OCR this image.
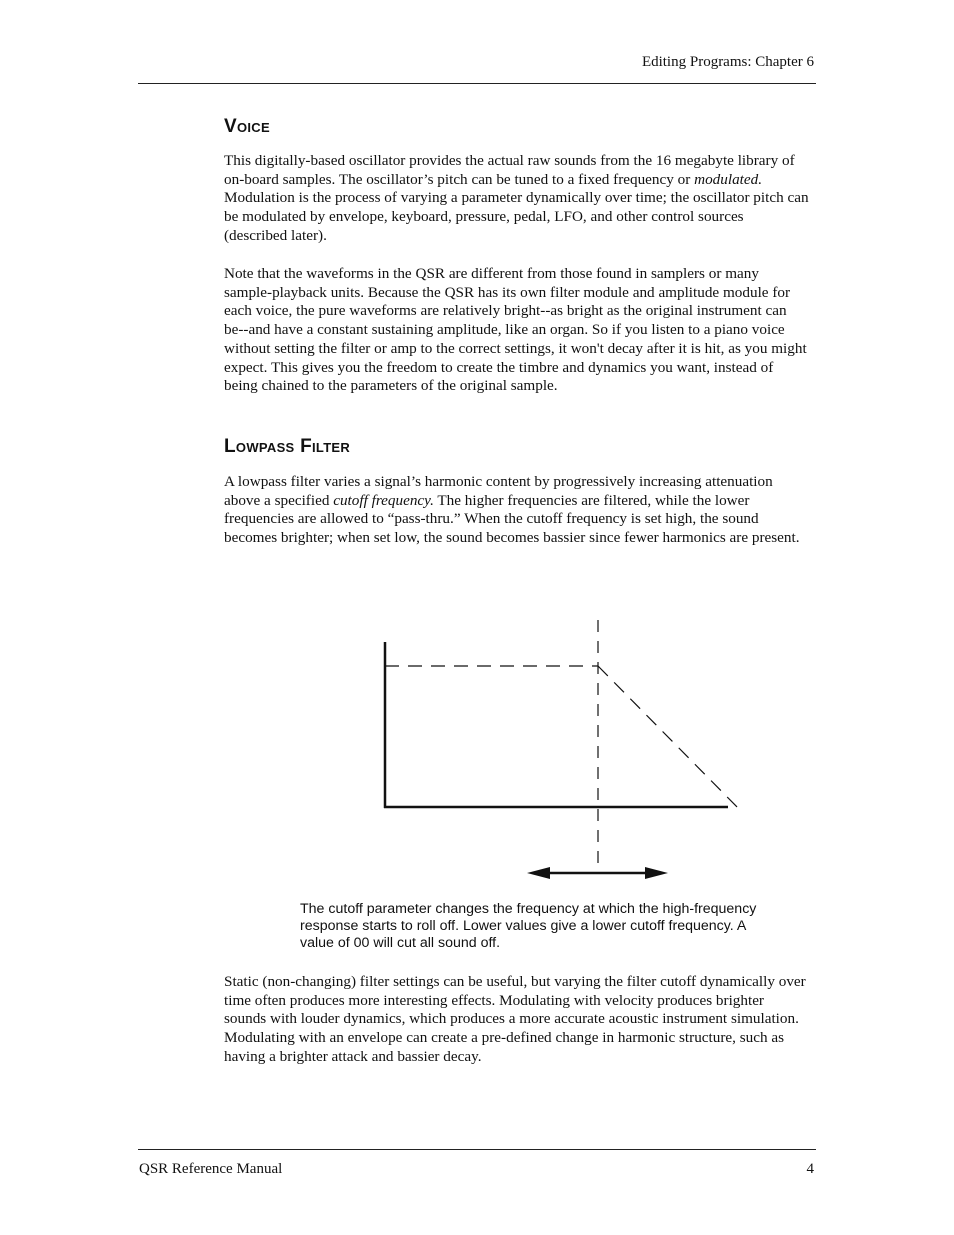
Editing Programs: Chapter 6
Voice

This digitally-based oscillator provides the actual raw sounds from the 16 megabyte library of on-board samples. The oscillator’s pitch can be tuned to a fixed frequency or modulated. Modulation is the process of varying a parameter dynamically over time; the oscillator pitch can be modulated by envelope, keyboard, pressure, pedal, LFO, and other control sources (described later).

Note that the waveforms in the QSR are different from those found in samplers or many sample-playback units. Because the QSR has its own filter module and amplitude module for each voice, the pure waveforms are relatively bright--as bright as the original instrument can be--and have a constant sustaining amplitude, like an organ. So if you listen to a piano voice without setting the filter or amp to the correct settings, it won't decay after it is hit, as you might expect. This gives you the freedom to create the timbre and dynamics you want, instead of being chained to the parameters of the original sample.

Lowpass Filter

A lowpass filter varies a signal’s harmonic content by progressively increasing attenuation above a specified cutoff frequency. The higher frequencies are filtered, while the lower frequencies are allowed to “pass-thru.” When the cutoff frequency is set high, the sound becomes brighter; when set low, the sound becomes bassier since fewer harmonics are present.

The cutoff parameter changes the frequency at which the high-frequency response starts to roll off. Lower values give a lower cutoff frequency. A value of 00 will cut all sound off.

Static (non-changing) filter settings can be useful, but varying the filter cutoff dynamically over time often produces more interesting effects. Modulating with velocity produces brighter sounds with louder dynamics, which produces a more accurate acoustic instrument simulation. Modulating with an envelope can create a pre-defined change in harmonic structure, such as having a brighter attack and bassier decay.

QSR Reference Manual	4
